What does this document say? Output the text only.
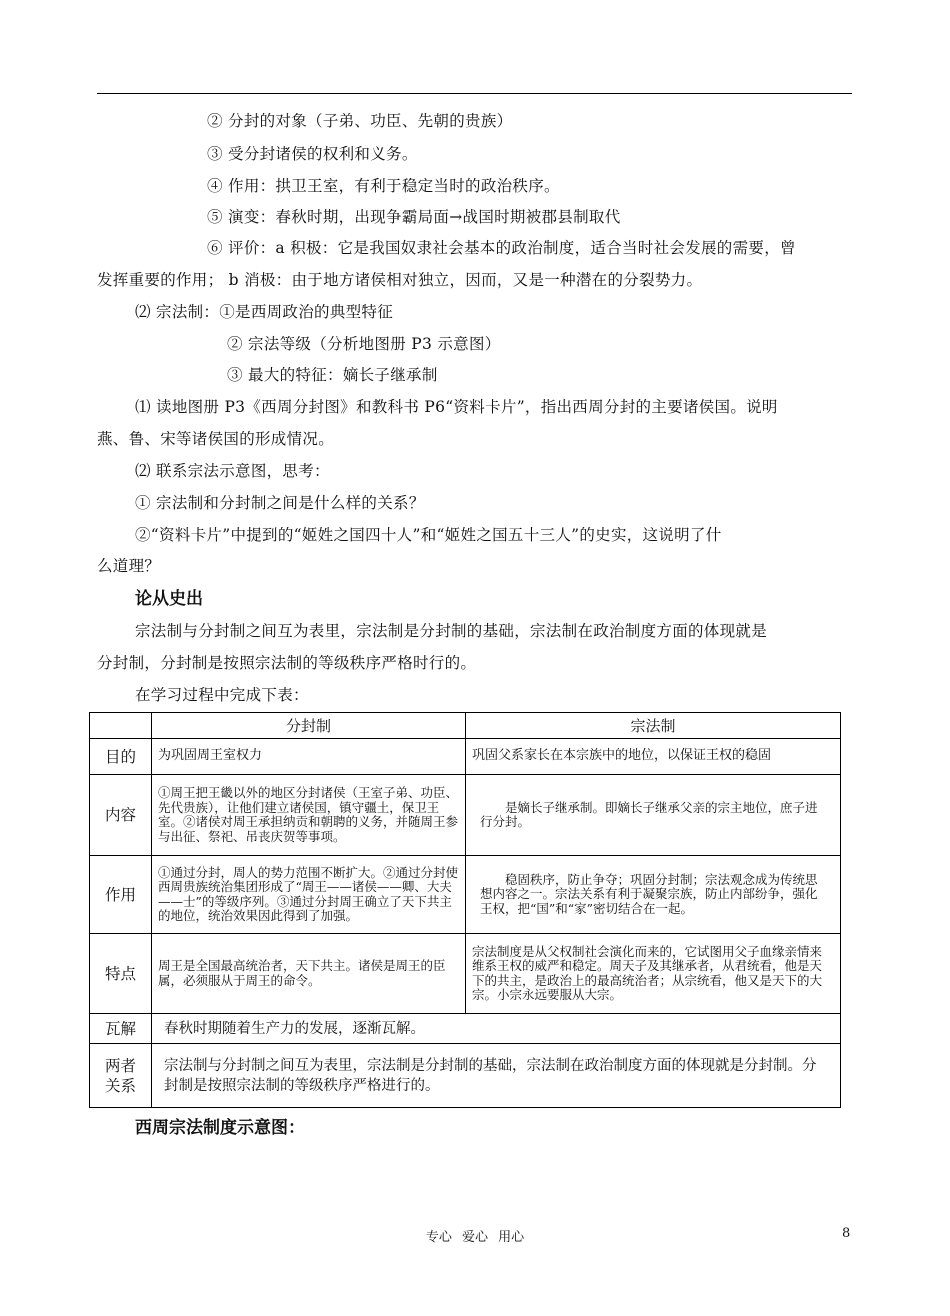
② 分封的对象（子弟、功臣、先朝的贵族）
③ 受分封诸侯的权利和义务。
④ 作用：拱卫王室，有利于稳定当时的政治秩序。
⑤ 演变：春秋时期，出现争霸局面→战国时期被郡县制取代
⑥ 评价：a 积极：它是我国奴隶社会基本的政治制度，适合当时社会发展的需要，曾
发挥重要的作用； b 消极：由于地方诸侯相对独立，因而，又是一种潜在的分裂势力。
⑵ 宗法制：①是西周政治的典型特征
② 宗法等级（分析地图册 P3 示意图）
③ 最大的特征：嫡长子继承制
⑴ 读地图册 P3《西周分封图》和教科书 P6“资料卡片”，指出西周分封的主要诸侯国。说明
燕、鲁、宋等诸侯国的形成情况。
⑵ 联系宗法示意图，思考：
① 宗法制和分封制之间是什么样的关系？
②“资料卡片”中提到的“姬姓之国四十人”和“姬姓之国五十三人”的史实，这说明了什
么道理？
论从史出
宗法制与分封制之间互为表里，宗法制是分封制的基础，宗法制在政治制度方面的体现就是
分封制，分封制是按照宗法制的等级秩序严格时行的。
在学习过程中完成下表：
	分封制	宗法制
目的	为巩固周王室权力	巩固父系家长在本宗族中的地位，以保证王权的稳固
内容	①周王把王畿以外的地区分封诸侯（王室子弟、功臣、先代贵族），让他们建立诸侯国，镇守疆土，保卫王室。②诸侯对周王承担纳贡和朝聘的义务，并随周王参与出征、祭祀、吊丧庆贺等事项。	是嫡长子继承制。即嫡长子继承父亲的宗主地位，庶子进行分封。
作用	①通过分封，周人的势力范围不断扩大。②通过分封使西周贵族统治集团形成了“周王——诸侯——卿、大夫——士”的等级序列。③通过分封周王确立了天下共主的地位，统治效果因此得到了加强。	稳固秩序，防止争夺；巩固分封制；宗法观念成为传统思想内容之一。宗法关系有利于凝聚宗族，防止内部纷争，强化王权，把“国”和“家”密切结合在一起。
特点	周王是全国最高统治者，天下共主。诸侯是周王的臣属，必须服从于周王的命令。	宗法制度是从父权制社会演化而来的，它试图用父子血缘亲情来维系王权的威严和稳定。周天子及其继承者，从君统看，他是天下的共主，是政治上的最高统治者；从宗统看，他又是天下的大宗。小宗永远要服从大宗。
瓦解	春秋时期随着生产力的发展，逐渐瓦解。	

两者
关系	宗法制与分封制之间互为表里，宗法制是分封制的基础，宗法制在政治制度方面的体现就是分封制。分封制是按照宗法制的等级秩序严格进行的。	
西周宗法制度示意图：
专心 爱心 用心	8
